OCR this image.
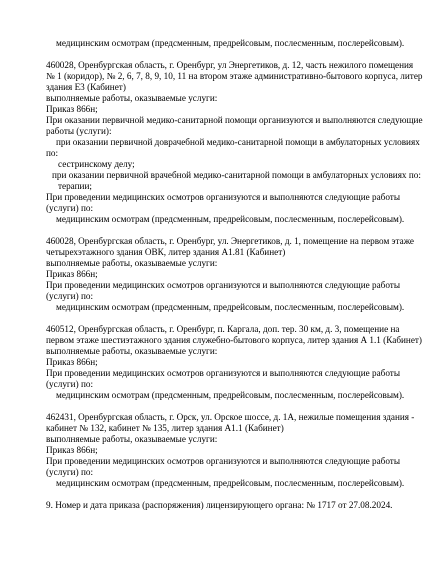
медицинским осмотрам (предсменным, предрейсовым, послесменным, послерейсовым).
460028, Оренбургская область, г. Оренбург, ул Энергетиков, д. 12, часть нежилого помещения
№ 1 (коридор), № 2, 6, 7, 8, 9, 10, 11 на втором этаже административно-бытового корпуса, литер
здания Е3 (Кабинет)
выполняемые работы, оказываемые услуги:
Приказ 866н;
При оказании первичной медико-санитарной помощи организуются и выполняются следующие
работы (услуги):
при оказании первичной доврачебной медико-санитарной помощи в амбулаторных условиях
по:
сестринскому делу;
при оказании первичной врачебной медико-санитарной помощи в амбулаторных условиях по:
терапии;
При проведении медицинских осмотров организуются и выполняются следующие работы
(услуги) по:
медицинским осмотрам (предсменным, предрейсовым, послесменным, послерейсовым).
460028, Оренбургская область, г. Оренбург, ул. Энергетиков, д. 1, помещение на первом этаже
четырехэтажного здания ОВК, литер здания А1.81 (Кабинет)
выполняемые работы, оказываемые услуги:
Приказ 866н;
При проведении медицинских осмотров организуются и выполняются следующие работы
(услуги) по:
медицинским осмотрам (предсменным, предрейсовым, послесменным, послерейсовым).
460512, Оренбургская область, г. Оренбург, п. Каргала, доп. тер. 30 км, д. 3, помещение на
первом этаже шестиэтажного здания служебно-бытового корпуса, литер здания А 1.1 (Кабинет)
выполняемые работы, оказываемые услуги:
Приказ 866н;
При проведении медицинских осмотров организуются и выполняются следующие работы
(услуги) по:
медицинским осмотрам (предсменным, предрейсовым, послесменным, послерейсовым).
462431, Оренбургская область, г. Орск, ул. Орское шоссе, д. 1А, нежилые помещения здания -
кабинет № 132, кабинет № 135, литер здания А1.1 (Кабинет)
выполняемые работы, оказываемые услуги:
Приказ 866н;
При проведении медицинских осмотров организуются и выполняются следующие работы
(услуги) по:
медицинским осмотрам (предсменным, предрейсовым, послесменным, послерейсовым).
9. Номер и дата приказа (распоряжения) лицензирующего органа: № 1717 от 27.08.2024.
